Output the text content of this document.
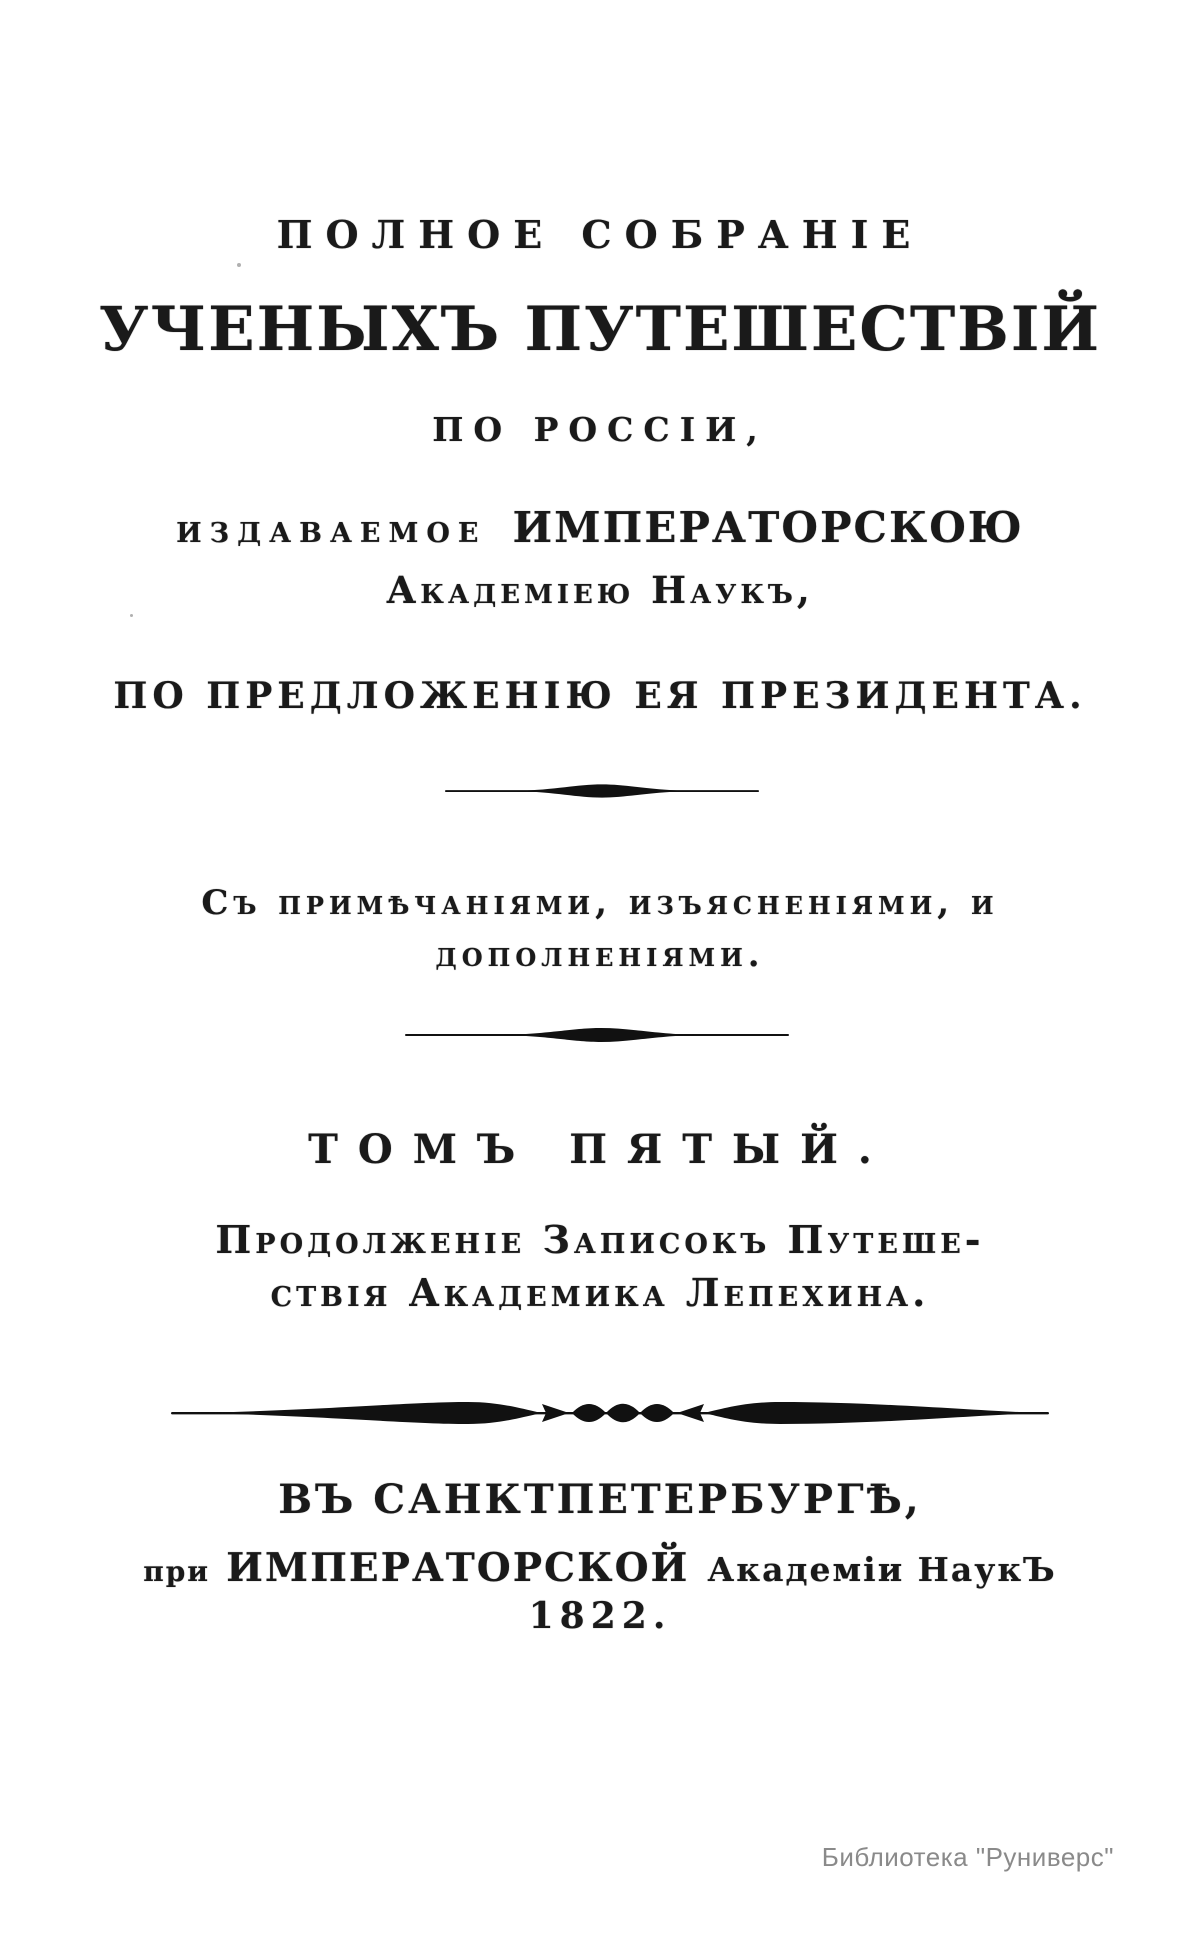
ПОЛНОЕ СОБРАНІЕ
УЧЕНЫХЪ ПУТЕШЕСТВІЙ
ПО РОССІИ,
ИЗДАВАЕМОЕ ИМПЕРАТОРСКОЮ
Академіею Наукъ,
ПО ПРЕДЛОЖЕНІЮ ЕЯ ПРЕЗИДЕНТА.
Съ примѣчаніями, изъясненіями, и
дополненіями.
ТОМЪ ПЯТЫЙ.
Продолженіе Записокъ Путеше-
ствія Академика Лепехина.
ВЪ САНКТПЕТЕРБУРГѢ,
при ИМПЕРАТОРСКОЙ Академіи НаукЪ
1822.
Библиотека "Руниверс"
